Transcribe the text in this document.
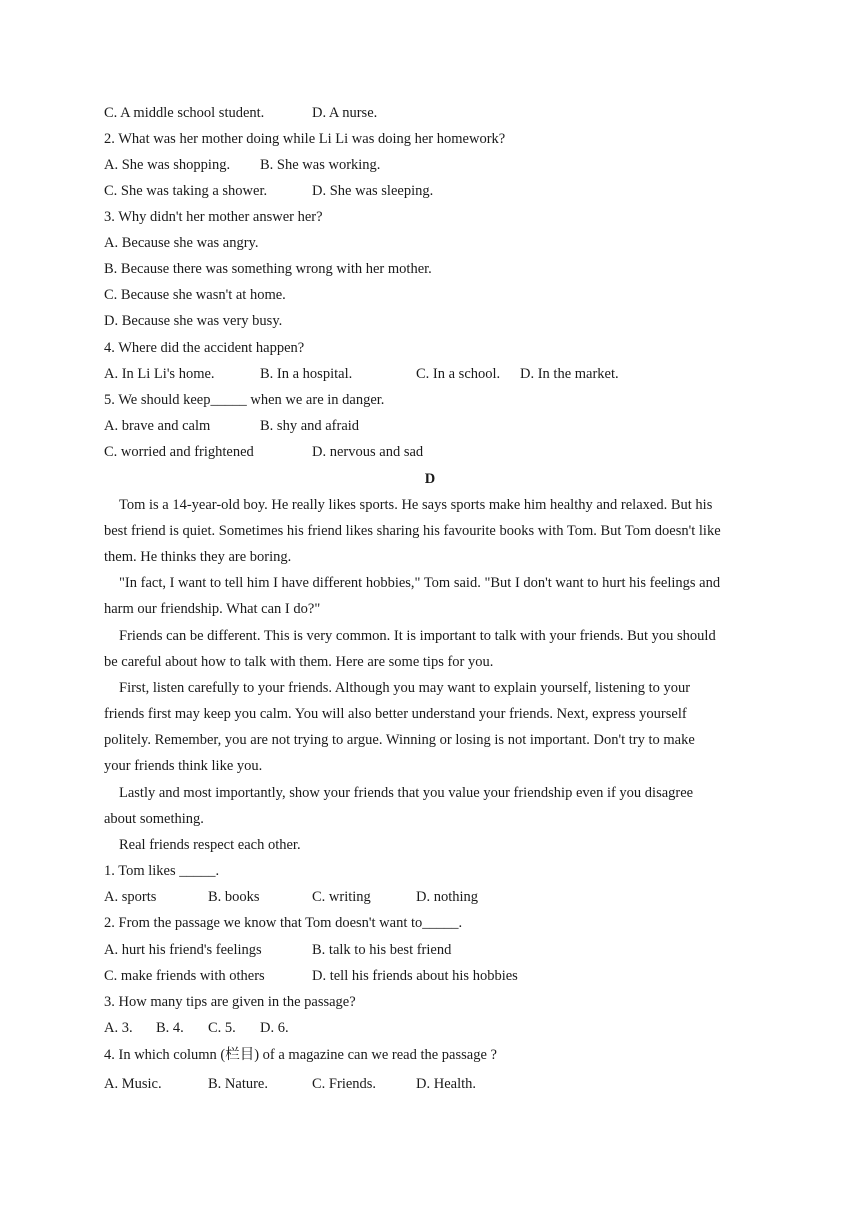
C. A middle school student.	D. A nurse.
2. What was her mother doing while Li Li was doing her homework?
A. She was shopping. B. She was working.
C. She was taking a shower.	D. She was sleeping.
3. Why didn't her mother answer her?
A. Because she was angry.
B. Because there was something wrong with her mother.
C. Because she wasn't at home.
D. Because she was very busy.
4. Where did the accident happen?
A. In Li Li's home.	B. In a hospital.	C. In a school. D. In the market.
5. We should keep_____ when we are in danger.
A. brave and calm	B. shy and afraid
C. worried and frightened	D. nervous and sad
D
Tom is a 14-year-old boy. He really likes sports. He says sports make him healthy and relaxed. But his
best friend is quiet. Sometimes his friend likes sharing his favourite books with Tom. But Tom doesn't like
them. He thinks they are boring.
"In fact, I want to tell him I have different hobbies," Tom said. "But I don't want to hurt his feelings and
harm our friendship. What can I do?"
Friends can be different. This is very common. It is important to talk with your friends. But you should
be careful about how to talk with them. Here are some tips for you.
First, listen carefully to your friends. Although you may want to explain yourself, listening to your
friends first may keep you calm. You will also better understand your friends. Next, express yourself
politely. Remember, you are not trying to argue. Winning or losing is not important. Don't try to make
your friends think like you.
Lastly and most importantly, show your friends that you value your friendship even if you disagree
about something.
Real friends respect each other.
1. Tom likes _____.
A. sports	B. books	C. writing	D. nothing
2. From the passage we know that Tom doesn't want to_____.
A. hurt his friend's feelings	B. talk to his best friend
C. make friends with others	D. tell his friends about his hobbies
3. How many tips are given in the passage?
A. 3. B. 4. C. 5. D. 6.
4. In which column (栏目) of a magazine can we read the passage ?
A. Music.	B. Nature.	C. Friends.	D. Health.
